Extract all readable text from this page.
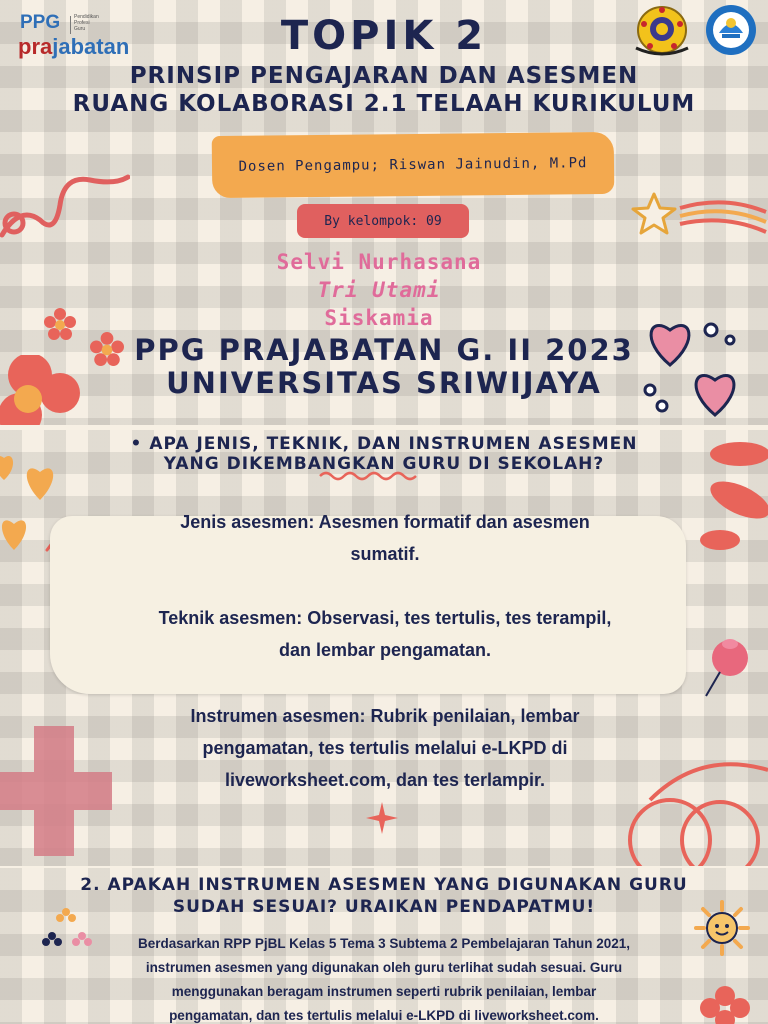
PPG	Pendidikan
Profesi
Guru
prajabatan	TOPIK 2
PRINSIP PENGAJARAN DAN ASESMEN
RUANG KOLABORASI 2.1 TELAAH KURIKULUM
Dosen Pengampu; Riswan Jainudin, M.Pd
By kelompok: 09
Selvi Nurhasana
Tri Utami
Siskamia
PPG PRAJABATAN G. II 2023
UNIVERSITAS SRIWIJAYA
• APA JENIS, TEKNIK, DAN INSTRUMEN ASESMEN
YANG DIKEMBANGKAN GURU DI SEKOLAH?
Jenis asesmen: Asesmen formatif dan asesmen
sumatif.
Teknik asesmen: Observasi, tes tertulis, tes terampil,
dan lembar pengamatan.
Instrumen asesmen: Rubrik penilaian, lembar
pengamatan, tes tertulis melalui e-LKPD di
liveworksheet.com, dan tes terlampir.
2. APAKAH INSTRUMEN ASESMEN YANG DIGUNAKAN GURU
SUDAH SESUAI? URAIKAN PENDAPATMU!
Berdasarkan RPP PjBL Kelas 5 Tema 3 Subtema 2 Pembelajaran Tahun 2021,
instrumen asesmen yang digunakan oleh guru terlihat sudah sesuai. Guru
menggunakan beragam instrumen seperti rubrik penilaian, lembar
pengamatan, dan tes tertulis melalui e-LKPD di liveworksheet.com.
